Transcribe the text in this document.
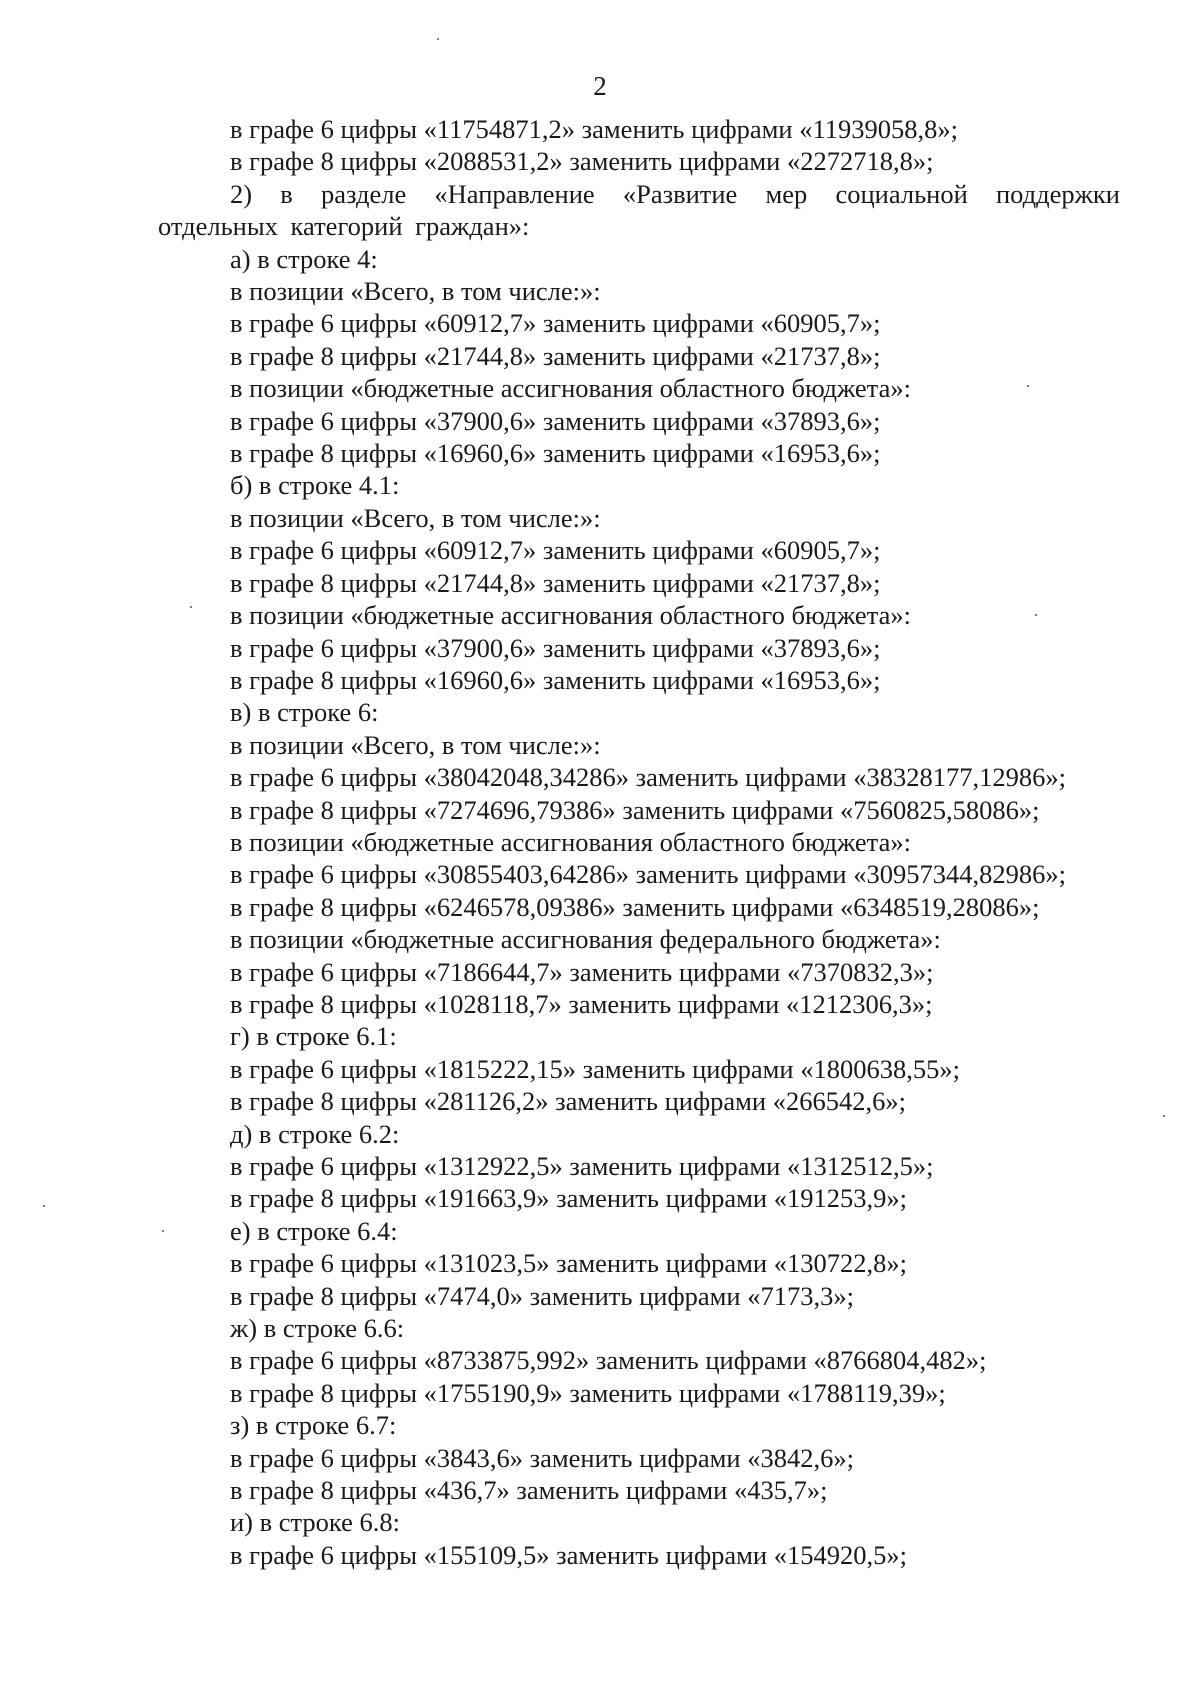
2
в графе 6 цифры «11754871,2» заменить цифрами «11939058,8»;
в графе 8 цифры «2088531,2» заменить цифрами «2272718,8»;
2) в разделе «Направление «Развитие мер социальной поддержки отдельных категорий граждан»:
а) в строке 4:
в позиции «Всего, в том числе:»:
в графе 6 цифры «60912,7» заменить цифрами «60905,7»;
в графе 8 цифры «21744,8» заменить цифрами «21737,8»;
в позиции «бюджетные ассигнования областного бюджета»:
в графе 6 цифры «37900,6» заменить цифрами «37893,6»;
в графе 8 цифры «16960,6» заменить цифрами «16953,6»;
б) в строке 4.1:
в позиции «Всего, в том числе:»:
в графе 6 цифры «60912,7» заменить цифрами «60905,7»;
в графе 8 цифры «21744,8» заменить цифрами «21737,8»;
в позиции «бюджетные ассигнования областного бюджета»:
в графе 6 цифры «37900,6» заменить цифрами «37893,6»;
в графе 8 цифры «16960,6» заменить цифрами «16953,6»;
в) в строке 6:
в позиции «Всего, в том числе:»:
в графе 6 цифры «38042048,34286» заменить цифрами «38328177,12986»;
в графе 8 цифры «7274696,79386» заменить цифрами «7560825,58086»;
в позиции «бюджетные ассигнования областного бюджета»:
в графе 6 цифры «30855403,64286» заменить цифрами «30957344,82986»;
в графе 8 цифры «6246578,09386» заменить цифрами «6348519,28086»;
в позиции «бюджетные ассигнования федерального бюджета»:
в графе 6 цифры «7186644,7» заменить цифрами «7370832,3»;
в графе 8 цифры «1028118,7» заменить цифрами «1212306,3»;
г) в строке 6.1:
в графе 6 цифры «1815222,15» заменить цифрами «1800638,55»;
в графе 8 цифры «281126,2» заменить цифрами «266542,6»;
д) в строке 6.2:
в графе 6 цифры «1312922,5» заменить цифрами «1312512,5»;
в графе 8 цифры «191663,9» заменить цифрами «191253,9»;
е) в строке 6.4:
в графе 6 цифры «131023,5» заменить цифрами «130722,8»;
в графе 8 цифры «7474,0» заменить цифрами «7173,3»;
ж) в строке 6.6:
в графе 6 цифры «8733875,992» заменить цифрами «8766804,482»;
в графе 8 цифры «1755190,9» заменить цифрами «1788119,39»;
з) в строке 6.7:
в графе 6 цифры «3843,6» заменить цифрами «3842,6»;
в графе 8 цифры «436,7» заменить цифрами «435,7»;
и) в строке 6.8:
в графе 6 цифры «155109,5» заменить цифрами «154920,5»;
